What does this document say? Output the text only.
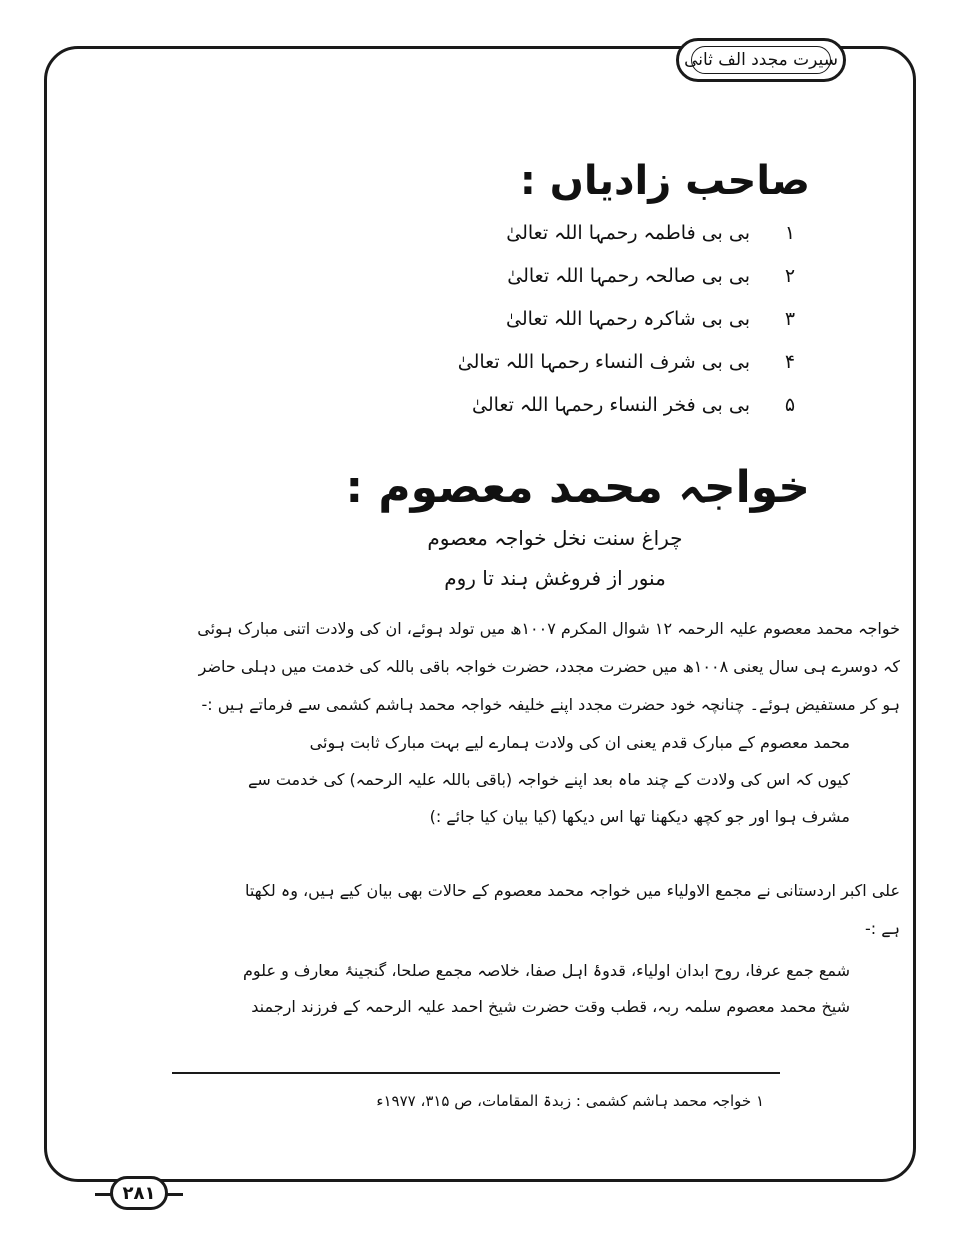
سیرت مجدد الف ثانی
صاحب زادیاں :
۱
بی بی فاطمہ رحمہا اللہ تعالیٰ
۲
بی بی صالحہ رحمہا اللہ تعالیٰ
۳
بی بی شاکرہ رحمہا اللہ تعالیٰ
۴
بی بی شرف النساء رحمہا اللہ تعالیٰ
۵
بی بی فخر النساء رحمہا اللہ تعالیٰ
خواجہ محمد معصوم :
چراغ سنت نخل خواجہ معصوم
منور از فروغش ہند تا روم
خواجہ محمد معصوم علیہ الرحمہ ۱۲ شوال المکرم ۱۰۰۷ھ میں تولد ہوئے، ان کی ولادت اتنی مبارک ہوئی
کہ دوسرے ہی سال یعنی ۱۰۰۸ھ میں حضرت مجدد، حضرت خواجہ باقی باللہ کی خدمت میں دہلی حاضر
ہو کر مستفیض ہوئے۔ چنانچہ خود حضرت مجدد اپنے خلیفہ خواجہ محمد ہاشم کشمی سے فرماتے ہیں :-
محمد معصوم کے مبارک قدم یعنی ان کی ولادت ہمارے لیے بہت مبارک ثابت ہوئی
کیوں کہ اس کی ولادت کے چند ماہ بعد اپنے خواجہ (باقی باللہ علیہ الرحمہ) کی خدمت سے
مشرف ہوا اور جو کچھ دیکھنا تھا اس دیکھا (کیا بیان کیا جائے :)
علی اکبر اردستانی نے مجمع الاولیاء میں خواجہ محمد معصوم کے حالات بھی بیان کیے ہیں، وہ لکھتا
ہے :-
شمع جمع عرفا، روح ابدان اولیاء، قدوۂ اہل صفا، خلاصہ مجمع صلحا، گنجینۂ معارف و علوم
شیخ محمد معصوم سلمہ ربہ، قطب وقت حضرت شیخ احمد علیہ الرحمہ کے فرزند ارجمند
۱ خواجہ محمد ہاشم کشمی : زبدۃ المقامات، ص ۳۱۵، ۱۹۷۷ء
۲۸۱
